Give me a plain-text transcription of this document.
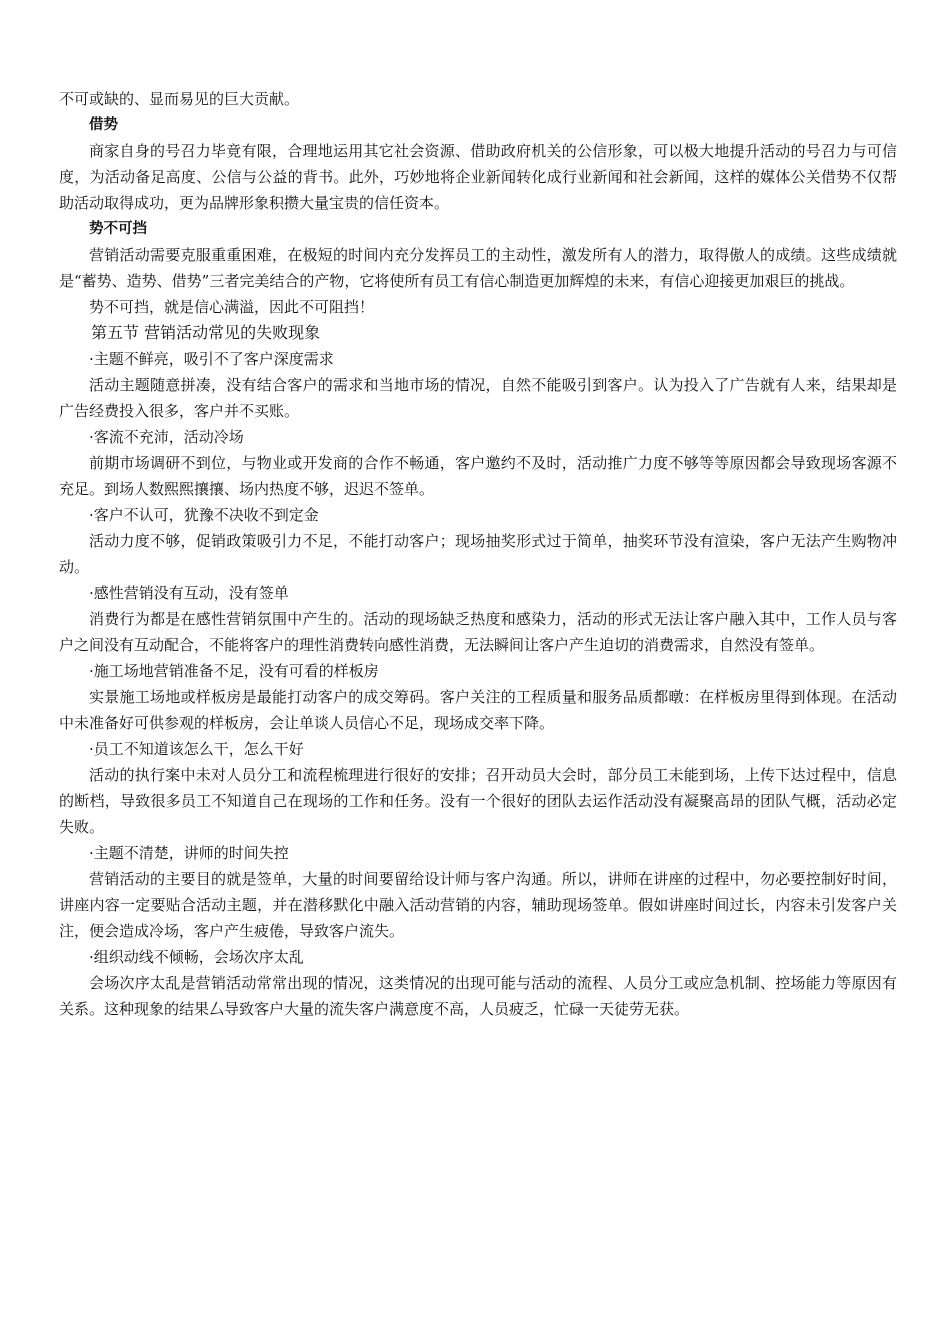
不可或缺的、显而易见的巨大贡献。

借势

商家自身的号召力毕竟有限，合理地运用其它社会资源、借助政府机关的公信形象，可以极大地提升活动的号召力与可信度，为活动备足高度、公信与公益的背书。此外，巧妙地将企业新闻转化成行业新闻和社会新闻，这样的媒体公关借势不仅帮助活动取得成功，更为品牌形象积攒大量宝贵的信任资本。

势不可挡

营销活动需要克服重重困难，在极短的时间内充分发挥员工的主动性，激发所有人的潜力，取得傲人的成绩。这些成绩就是“蓄势、造势、借势”三者完美结合的产物，它将使所有员工有信心制造更加辉煌的未来，有信心迎接更加艰巨的挑战。

势不可挡，就是信心满溢，因此不可阻挡！

第五节 营销活动常见的失败现象

·主题不鲜亮，吸引不了客户深度需求

活动主题随意拼凑，没有结合客户的需求和当地市场的情况，自然不能吸引到客户。认为投入了广告就有人来，结果却是广告经费投入很多，客户并不买账。

·客流不充沛，活动冷场

前期市场调研不到位，与物业或开发商的合作不畅通，客户邀约不及时，活动推广力度不够等等原因都会导致现场客源不充足。到场人数熙熙攘攘、场内热度不够，迟迟不签单。

·客户不认可，犹豫不决收不到定金

活动力度不够，促销政策吸引力不足，不能打动客户；现场抽奖形式过于简单，抽奖环节没有渲染，客户无法产生购物冲动。

·感性营销没有互动，没有签单

消费行为都是在感性营销氛围中产生的。活动的现场缺乏热度和感染力，活动的形式无法让客户融入其中，工作人员与客户之间没有互动配合，不能将客户的理性消费转向感性消费，无法瞬间让客户产生迫切的消费需求，自然没有签单。

·施工场地营销准备不足，没有可看的样板房

实景施工场地或样板房是最能打动客户的成交筹码。客户关注的工程质量和服务品质都暾：在样板房里得到体现。在活动中未准备好可供参观的样板房，会让单谈人员信心不足，现场成交率下降。

·员工不知道该怎么干，怎么干好

活动的执行案中未对人员分工和流程梳理进行很好的安排；召开动员大会时，部分员工未能到场，上传下达过程中，信息的断档，导致很多员工不知道自己在现场的工作和任务。没有一个很好的团队去运作活动没有凝聚高昂的团队气概，活动必定失败。

·主题不清楚，讲师的时间失控

营销活动的主要目的就是签单，大量的时间要留给设计师与客户沟通。所以，讲师在讲座的过程中，勿必要控制好时间，讲座内容一定要贴合活动主题，并在潜移默化中融入活动营销的内容，辅助现场签单。假如讲座时间过长，内容未引发客户关注，便会造成冷场，客户产生疲倦，导致客户流失。

·组织动线不倾畅，会场次序太乱

会场次序太乱是营销活动常常出现的情况，这类情况的出现可能与活动的流程、人员分工或应急机制、控场能力等原因有关系。这种现象的结果厶导致客户大量的流失客户满意度不高，人员疲乏，忙碌一天徒劳无获。
